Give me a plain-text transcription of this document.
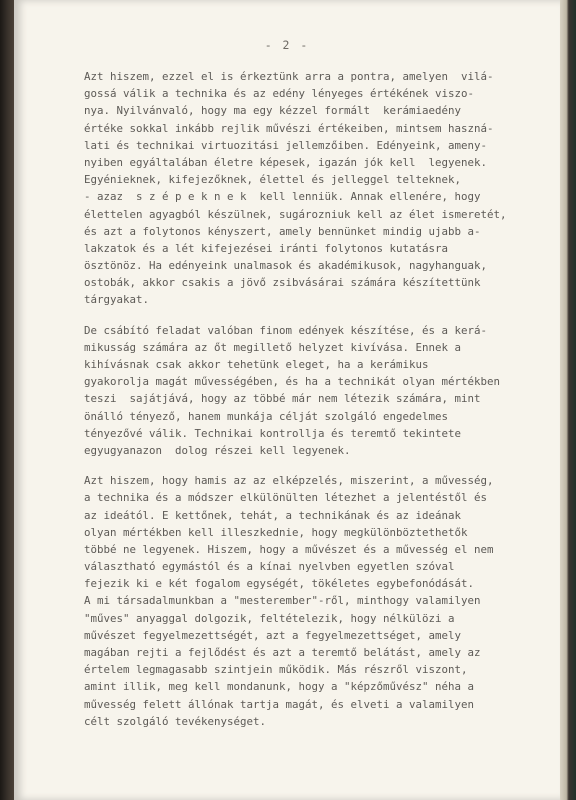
- 2 -
Azt hiszem, ezzel el is érkeztünk arra a pontra, amelyen  vilá-
gossá válik a technika és az edény lényeges értékének viszo-
nya. Nyilvánvaló, hogy ma egy kézzel formált  kerámiaedény
értéke sokkal inkább rejlik művészi értékeiben, mintsem haszná-
lati és technikai virtuozitási jellemzőiben. Edényeink, ameny-
nyiben egyáltalában életre képesek, igazán jók kell  legyenek.
Egyénieknek, kifejezőknek, élettel és jelleggel telteknek,
- azaz  s z é p e k n e k  kell lenniük. Annak ellenére, hogy
élettelen agyagból készülnek, sugározniuk kell az élet ismeretét,
és azt a folytonos kényszert, amely bennünket mindig ujabb a-
lakzatok és a lét kifejezései iránti folytonos kutatásra
ösztönöz. Ha edényeink unalmasok és akadémikusok, nagyhanguak,
ostobák, akkor csakis a jövő zsibvásárai számára készítettünk
tárgyakat.
De csábító feladat valóban finom edények készítése, és a kerá-
mikusság számára az őt megillető helyzet kivívása. Ennek a
kihívásnak csak akkor tehetünk eleget, ha a kerámikus
gyakorolja magát művességében, és ha a technikát olyan mértékben
teszi  sajátjává, hogy az többé már nem létezik számára, mint
önálló tényező, hanem munkája célját szolgáló engedelmes
tényezővé válik. Technikai kontrollja és teremtő tekintete
egyugyanazon  dolog részei kell legyenek.
Azt hiszem, hogy hamis az az elképzelés, miszerint, a művesség,
a technika és a módszer elkülönülten létezhet a jelentéstől és
az ideától. E kettőnek, tehát, a technikának és az ideának
olyan mértékben kell illeszkednie, hogy megkülönböztethetők
többé ne legyenek. Hiszem, hogy a művészet és a művesség el nem
választható egymástól és a kínai nyelvben egyetlen szóval
fejezik ki e két fogalom egységét, tökéletes egybefonódását.
A mi társadalmunkban a "mesterember"-ről, minthogy valamilyen
"műves" anyaggal dolgozik, feltételezik, hogy nélkülözi a
művészet fegyelmezettségét, azt a fegyelmezettséget, amely
magában rejti a fejlődést és azt a teremtő belátást, amely az
értelem legmagasabb szintjein működik. Más részről viszont,
amint illik, meg kell mondanunk, hogy a "képzőművész" néha a
művesség felett állónak tartja magát, és elveti a valamilyen
célt szolgáló tevékenységet.
